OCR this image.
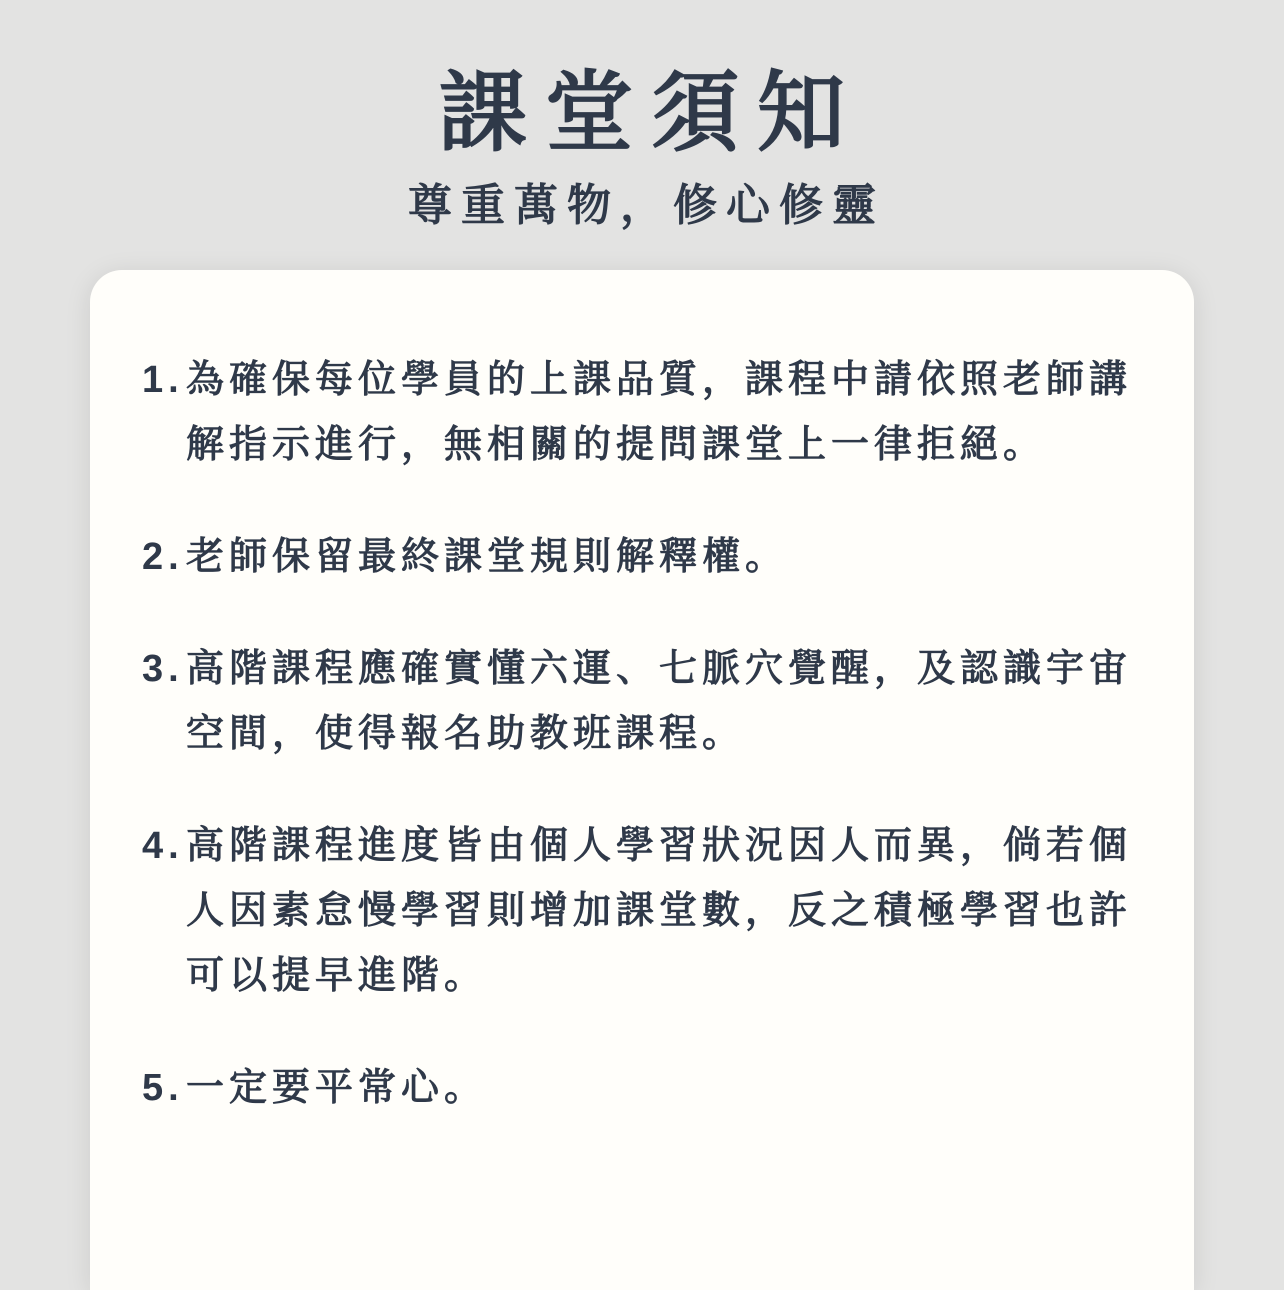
課堂須知
尊重萬物，修心修靈
1. 為確保每位學員的上課品質，課程中請依照老師講解指示進行，無相關的提問課堂上一律拒絕。
2. 老師保留最終課堂規則解釋權。
3. 高階課程應確實懂六運、七脈穴覺醒，及認識宇宙空間，使得報名助教班課程。
4. 高階課程進度皆由個人學習狀況因人而異，倘若個人因素怠慢學習則增加課堂數，反之積極學習也許可以提早進階。
5. 一定要平常心。
